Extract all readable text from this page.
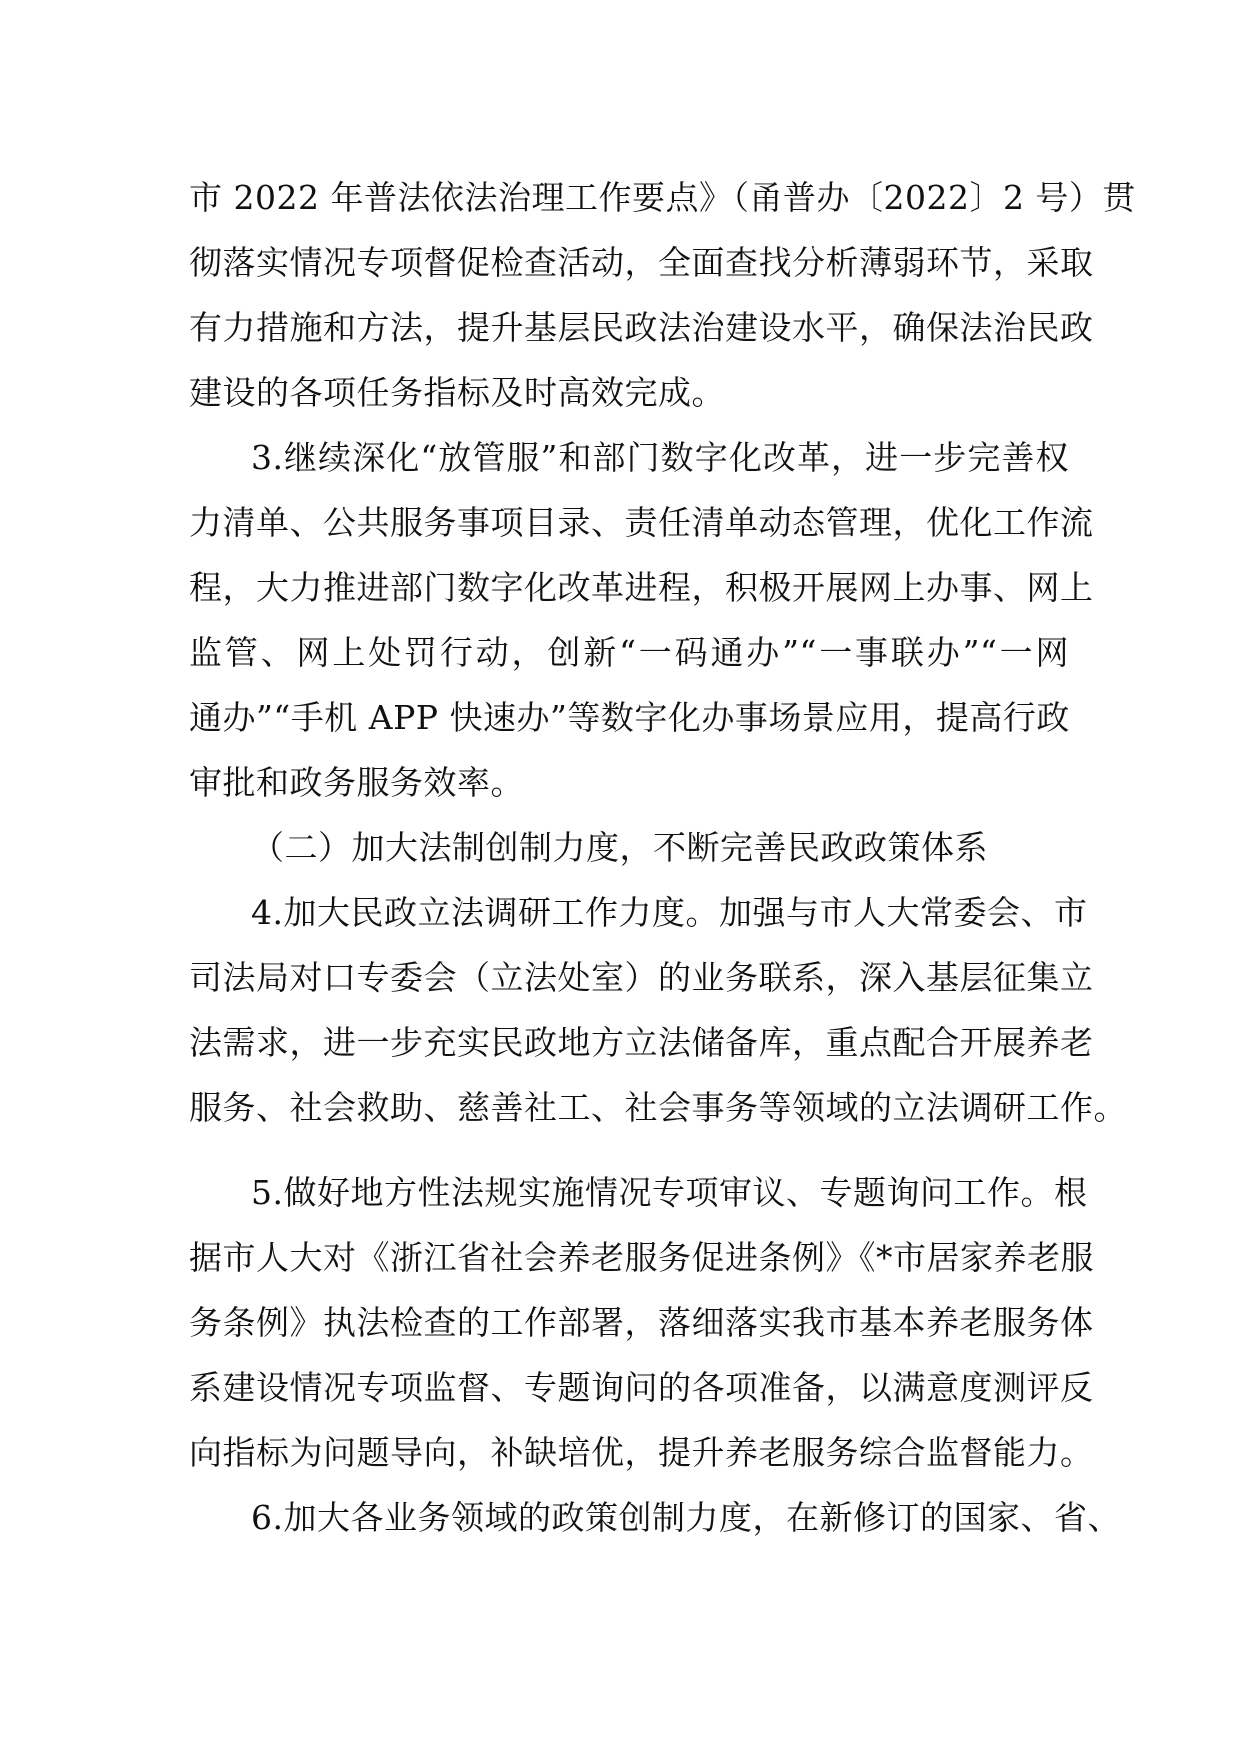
市 2022 年普法依法治理工作要点》（甬普办〔2022〕2 号）贯
彻落实情况专项督促检查活动，全面查找分析薄弱环节，采取
有力措施和方法，提升基层民政法治建设水平，确保法治民政
建设的各项任务指标及时高效完成。
3.继续深化“放管服”和部门数字化改革，进一步完善权
力清单、公共服务事项目录、责任清单动态管理，优化工作流
程，大力推进部门数字化改革进程，积极开展网上办事、网上
监管、网上处罚行动，创新“一码通办”“一事联办”“一网
通办”“手机 APP 快速办”等数字化办事场景应用，提高行政
审批和政务服务效率。
（二）加大法制创制力度，不断完善民政政策体系
4.加大民政立法调研工作力度。加强与市人大常委会、市
司法局对口专委会（立法处室）的业务联系，深入基层征集立
法需求，进一步充实民政地方立法储备库，重点配合开展养老
服务、社会救助、慈善社工、社会事务等领域的立法调研工作。
5.做好地方性法规实施情况专项审议、专题询问工作。根
据市人大对《浙江省社会养老服务促进条例》《*市居家养老服
务条例》执法检查的工作部署，落细落实我市基本养老服务体
系建设情况专项监督、专题询问的各项准备，以满意度测评反
向指标为问题导向，补缺培优，提升养老服务综合监督能力。
6.加大各业务领域的政策创制力度，在新修订的国家、省、
